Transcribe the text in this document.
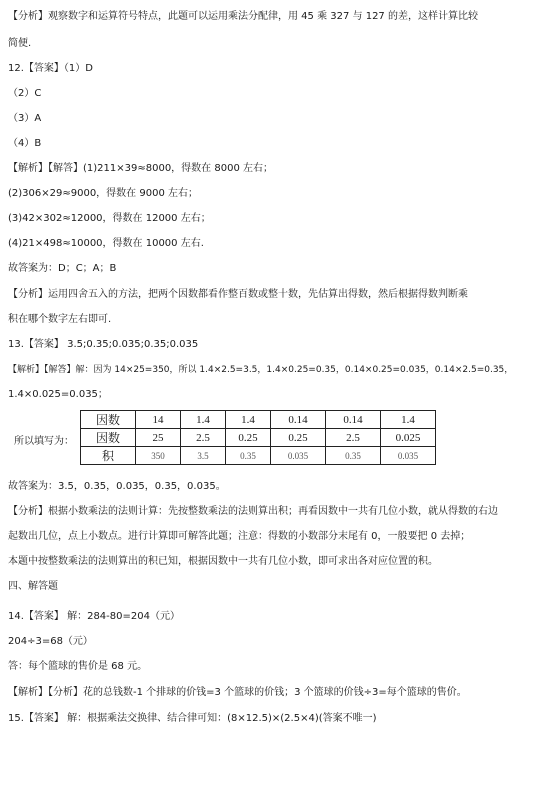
【分析】观察数字和运算符号特点，此题可以运用乘法分配律，用 45 乘 327 与 127 的差，这样计算比较
简便.
12.【答案】（1）D
（2）C
（3）A
（4）B
【解析】【解答】(1)211×39≈8000，得数在 8000 左右；
(2)306×29≈9000，得数在 9000 左右；
(3)42×302≈12000，得数在 12000 左右；
(4)21×498≈10000，得数在 10000 左右.
故答案为：D；C；A；B
【分析】运用四舍五入的方法，把两个因数都看作整百数或整十数，先估算出得数，然后根据得数判断乘
积在哪个数字左右即可.
13.【答案】 3.5;0.35;0.035;0.35;0.035
【解析】【解答】解：因为 14×25=350，所以 1.4×2.5=3.5，1.4×0.25=0.35，0.14×0.25=0.035，0.14×2.5=0.35，
1.4×0.025=0.035；
所以填写为：
因数	14	1.4	1.4	0.14	0.14	1.4
因数	25	2.5	0.25	0.25	2.5	0.025
积	350	3.5	0.35	0.035	0.35	0.035
故答案为：3.5，0.35，0.035，0.35，0.035。
【分析】根据小数乘法的法则计算：先按整数乘法的法则算出积；再看因数中一共有几位小数，就从得数的右边
起数出几位，点上小数点。进行计算即可解答此题；注意：得数的小数部分末尾有 0，一般要把 0 去掉；
本题中按整数乘法的法则算出的积已知，根据因数中一共有几位小数，即可求出各对应位置的积。
四、解答题
14.【答案】 解：284-80=204（元）
204÷3=68（元）
答：每个篮球的售价是 68 元。
【解析】【分析】花的总钱数-1 个排球的价钱=3 个篮球的价钱；3 个篮球的价钱÷3=每个篮球的售价。
15.【答案】 解：根据乘法交换律、结合律可知：(8×12.5)×(2.5×4)(答案不唯一)
